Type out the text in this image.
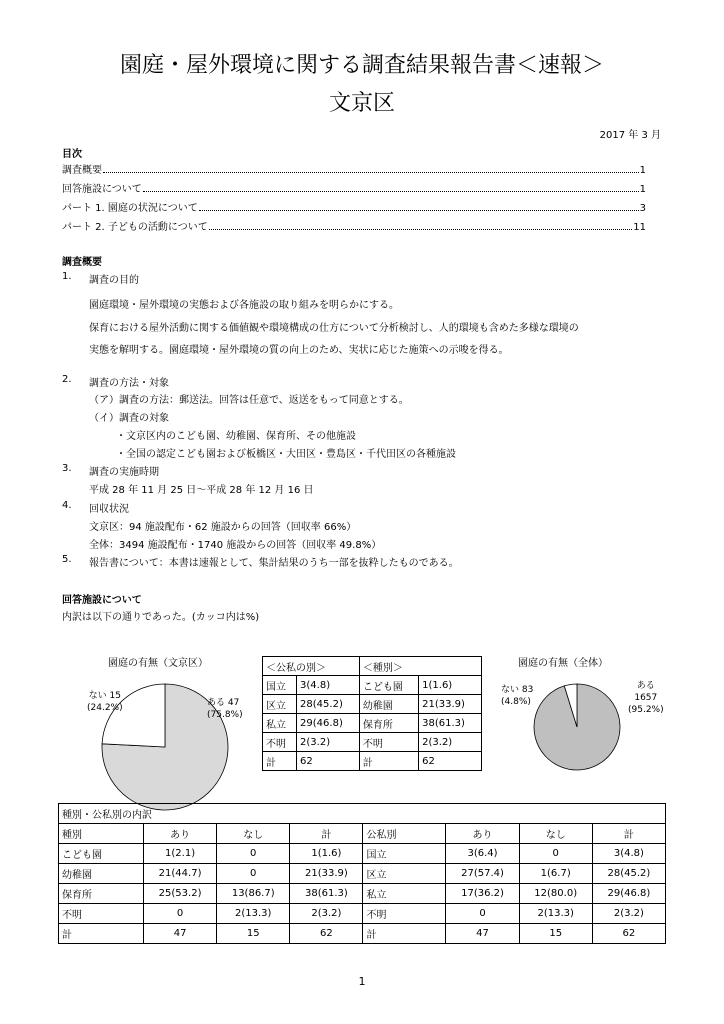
園庭・屋外環境に関する調査結果報告書＜速報＞
文京区
2017 年 3 月
目次
調査概要	1
回答施設について	1
パート 1. 園庭の状況について	3
パート 2. 子どもの活動について	11
調査概要
1. 調査の目的
園庭環境・屋外環境の実態および各施設の取り組みを明らかにする。
保育における屋外活動に関する価値観や環境構成の仕方について分析検討し、人的環境も含めた多様な環境の
実態を解明する。園庭環境・屋外環境の質の向上のため、実状に応じた施策への示唆を得る。
2. 調査の方法・対象
（ア）調査の方法：郵送法。回答は任意で、返送をもって同意とする。
（イ）調査の対象
・文京区内のこども園、幼稚園、保育所、その他施設
・全国の認定こども園および板橋区・大田区・豊島区・千代田区の各種施設
3. 調査の実施時期
平成 28 年 11 月 25 日～平成 28 年 12 月 16 日
4. 回収状況
文京区：94 施設配布・62 施設からの回答（回収率 66%）
全体：3494 施設配布・1740 施設からの回答（回収率 49.8%）
5. 報告書について：本書は速報として、集計結果のうち一部を抜粋したものである。
回答施設について
内訳は以下の通りであった。(カッコ内は%)
園庭の有無（文京区）
ない 15
(24.2%)	ある 47
(75.8%)
＜公私の別＞		＜種別＞	
国立	3(4.8)	こども園	1(1.6)
区立	28(45.2)	幼稚園	21(33.9)
私立	29(46.8)	保育所	38(61.3)
不明	2(3.2)	不明	2(3.2)
計	62	計	62
園庭の有無（全体）
ない 83
(4.8%)
ある
1657
(95.2%)
種別・公私別の内訳							
種別	あり	なし	計	公私別	あり	なし	計
こども園	1(2.1)	0	1(1.6)	国立	3(6.4)	0	3(4.8)
幼稚園	21(44.7)	0	21(33.9)	区立	27(57.4)	1(6.7)	28(45.2)
保育所	25(53.2)	13(86.7)	38(61.3)	私立	17(36.2)	12(80.0)	29(46.8)
不明	0	2(13.3)	2(3.2)	不明	0	2(13.3)	2(3.2)
計	47	15	62	計	47	15	62
1
